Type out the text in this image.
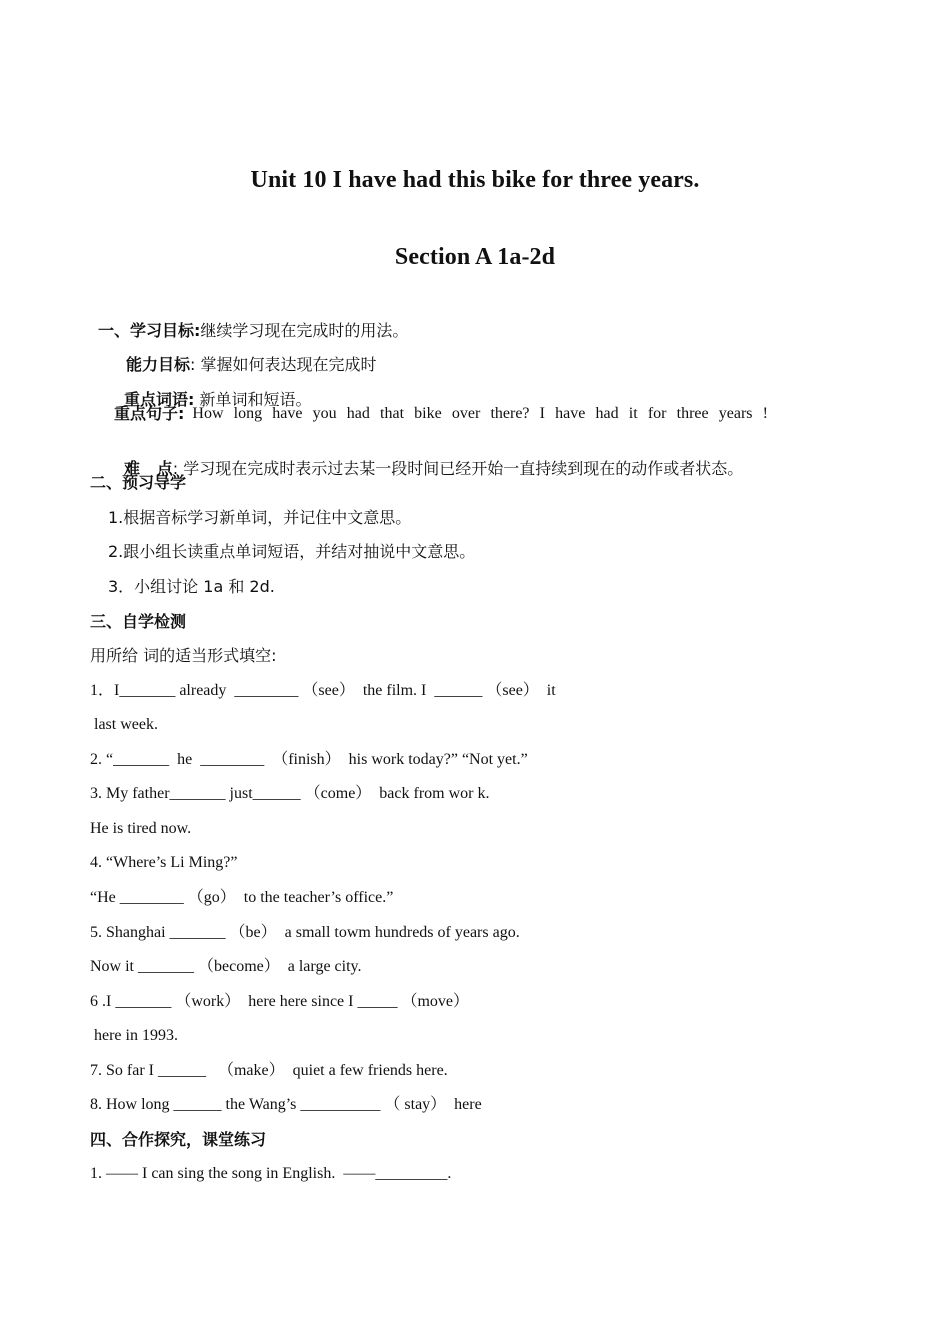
Unit 10 I have had this bike for three years.
Section A 1a-2d

一、学习目标:继续学习现在完成时的用法。

能力目标: 掌握如何表达现在完成时

重点词语: 新单词和短语。

重点句子: How long have you had that bike over there? I have had it for three years !

难   点: 学习现在完成时表示过去某一段时间已经开始一直持续到现在的动作或者状态。

二、预习导学
1.根据音标学习新单词，并记住中文意思。
2.跟小组长读重点单词短语，并结对抽说中文意思。
3．小组讨论 1a 和 2d.
三、自学检测
用所给 词的适当形式填空:
1．I_______ already  ________ （see）  the film. I  ______ （see）  it
last week.
2. “_______  he  ________  （finish）  his work today?” “Not yet.”
3. My father_______ just______ （come）  back from wor k.
He is tired now.
4. “Where’s Li Ming?”
“He ________ （go）  to the teacher’s office.”
5. Shanghai _______ （be）  a small towm hundreds of years ago.
Now it _______ （become）  a large city.
6 .I _______ （work）  here here since I _____ （move）
here in 1993.
7. So far I ______   （make）  quiet a few friends here.
8. How long ______ the Wang’s __________ （ stay）  here
四、合作探究，课堂练习
1. —— I can sing the song in English.  ——_________.
